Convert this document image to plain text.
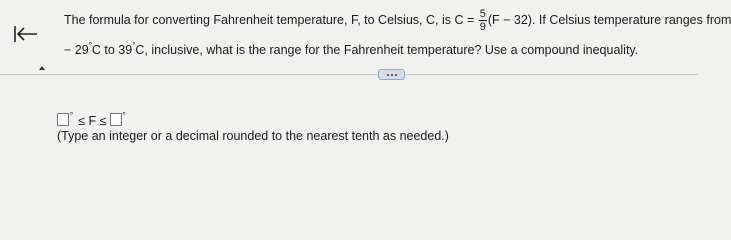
The formula for converting Fahrenheit temperature, F, to Celsius, C, is $C = \frac{5}{9} (F - 32)$. If Celsius temperature ranges from
− 29°C to 39°C, inclusive, what is the range for the Fahrenheit temperature? Use a compound inequality.
° ≤ F ≤ °
(Type an integer or a decimal rounded to the nearest tenth as needed.)
